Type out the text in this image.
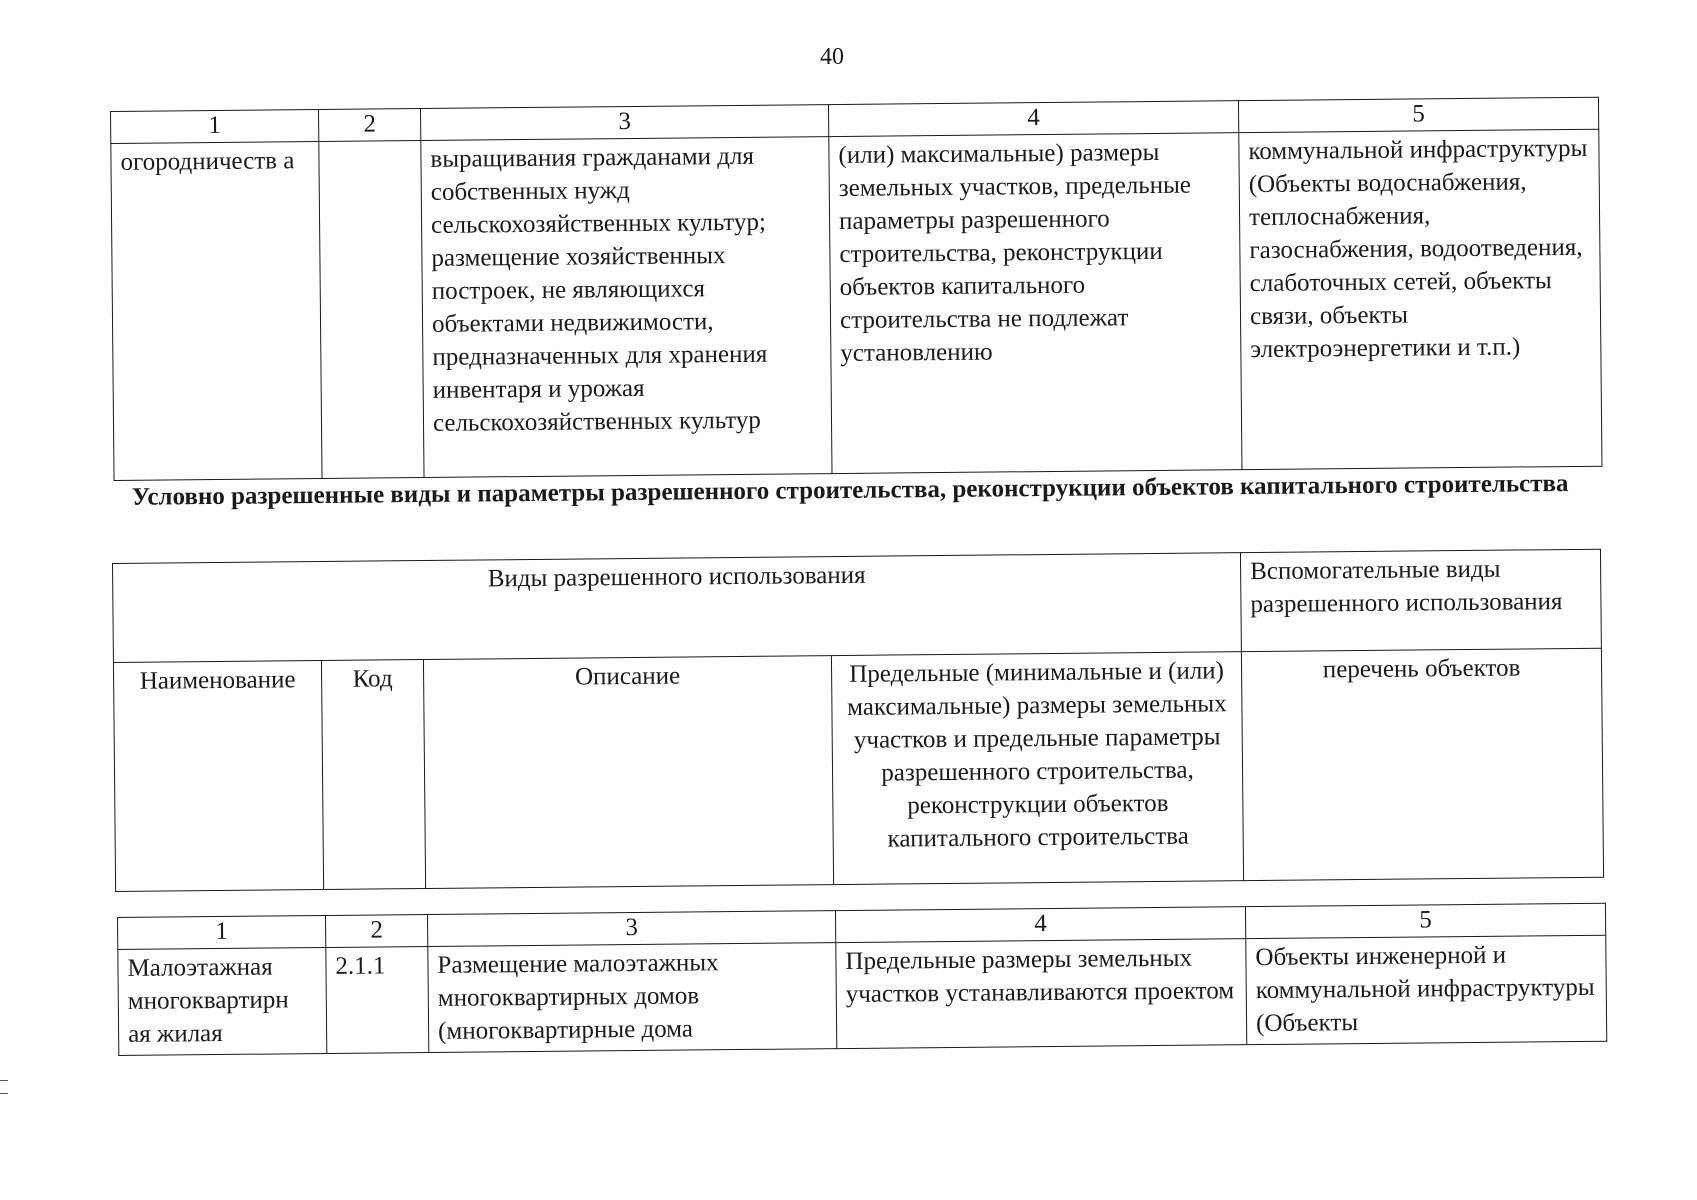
40
1	2	3	4	5
огородничеств а		выращивания гражданами для собственных нужд сельскохозяйственных культур; размещение хозяйственных построек, не являющихся объектами недвижимости, предназначенных для хранения инвентаря и урожая сельскохозяйственных культур	(или) максимальные) размеры земельных участков, предельные параметры разрешенного строительства, реконструкции объектов капитального строительства не подлежат установлению	коммунальной инфраструктуры (Объекты водоснабжения, теплоснабжения, газоснабжения, водоотведения, слаботочных сетей, объекты связи, объекты электроэнергетики и т.п.)
Условно разрешенные виды и параметры разрешенного строительства, реконструкции объектов капитального строительства
Виды разрешенного использования				Вспомогательные виды разрешенного использования
Наименование	Код	Описание	Предельные (минимальные и (или) максимальные) размеры земельных участков и предельные параметры разрешенного строительства, реконструкции объектов капитального строительства	перечень объектов
1	2	3	4	5
Малоэтажная многоквартирн ая жилая	2.1.1	Размещение малоэтажных многоквартирных домов (многоквартирные дома	Предельные размеры земельных участков устанавливаются проектом	Объекты инженерной и коммунальной инфраструктуры (Объекты
